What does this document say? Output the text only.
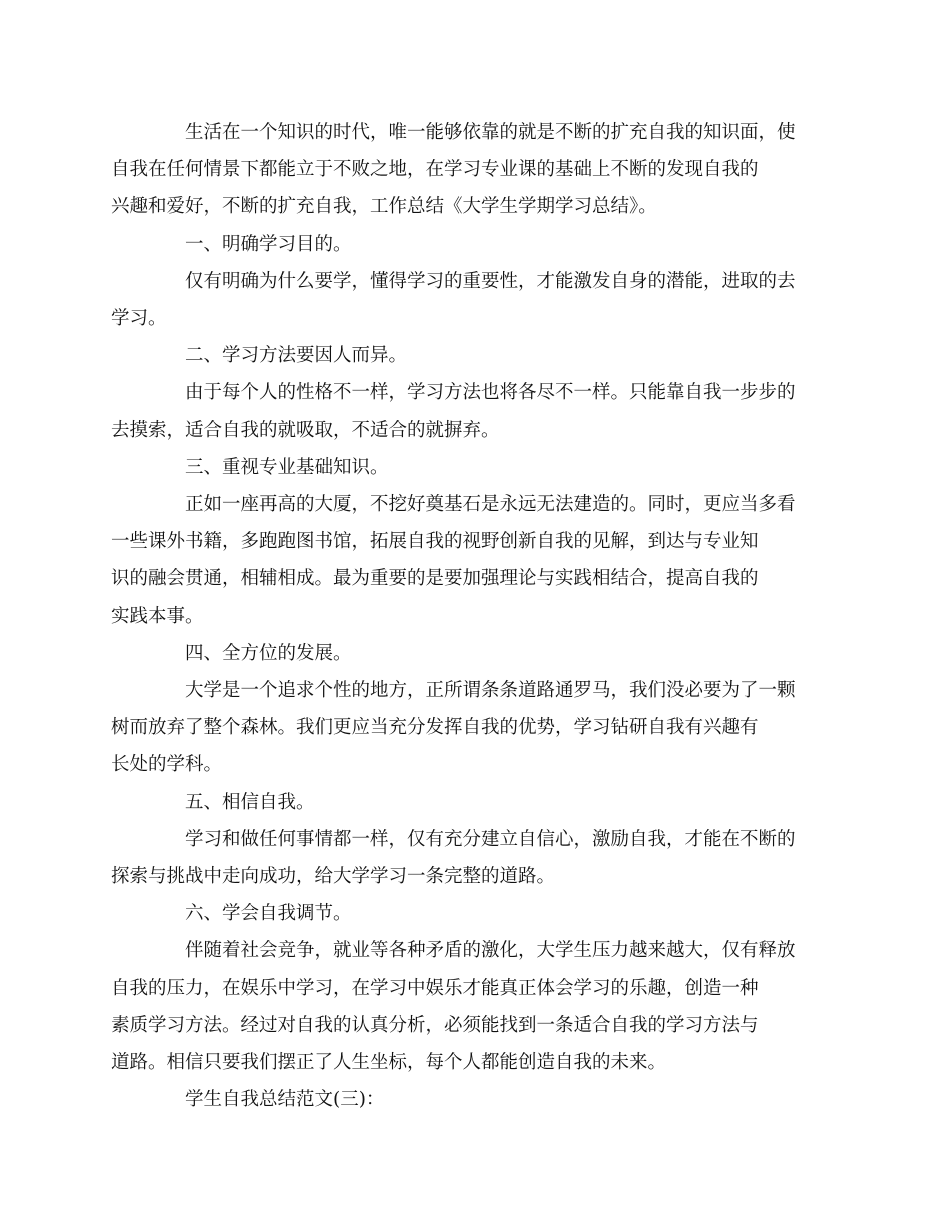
生活在一个知识的时代，唯一能够依靠的就是不断的扩充自我的知识面，使
自我在任何情景下都能立于不败之地，在学习专业课的基础上不断的发现自我的
兴趣和爱好，不断的扩充自我，工作总结《大学生学期学习总结》。

一、明确学习目的。

仅有明确为什么要学，懂得学习的重要性，才能激发自身的潜能，进取的去
学习。

二、学习方法要因人而异。

由于每个人的性格不一样，学习方法也将各尽不一样。只能靠自我一步步的
去摸索，适合自我的就吸取，不适合的就摒弃。

三、重视专业基础知识。

正如一座再高的大厦，不挖好奠基石是永远无法建造的。同时，更应当多看
一些课外书籍，多跑跑图书馆，拓展自我的视野创新自我的见解，到达与专业知
识的融会贯通，相辅相成。最为重要的是要加强理论与实践相结合，提高自我的
实践本事。

四、全方位的发展。

大学是一个追求个性的地方，正所谓条条道路通罗马，我们没必要为了一颗
树而放弃了整个森林。我们更应当充分发挥自我的优势，学习钻研自我有兴趣有
长处的学科。

五、相信自我。

学习和做任何事情都一样，仅有充分建立自信心，激励自我，才能在不断的
探索与挑战中走向成功，给大学学习一条完整的道路。

六、学会自我调节。

伴随着社会竞争，就业等各种矛盾的激化，大学生压力越来越大，仅有释放
自我的压力，在娱乐中学习，在学习中娱乐才能真正体会学习的乐趣，创造一种
素质学习方法。经过对自我的认真分析，必须能找到一条适合自我的学习方法与
道路。相信只要我们摆正了人生坐标，每个人都能创造自我的未来。

学生自我总结范文(三)：
